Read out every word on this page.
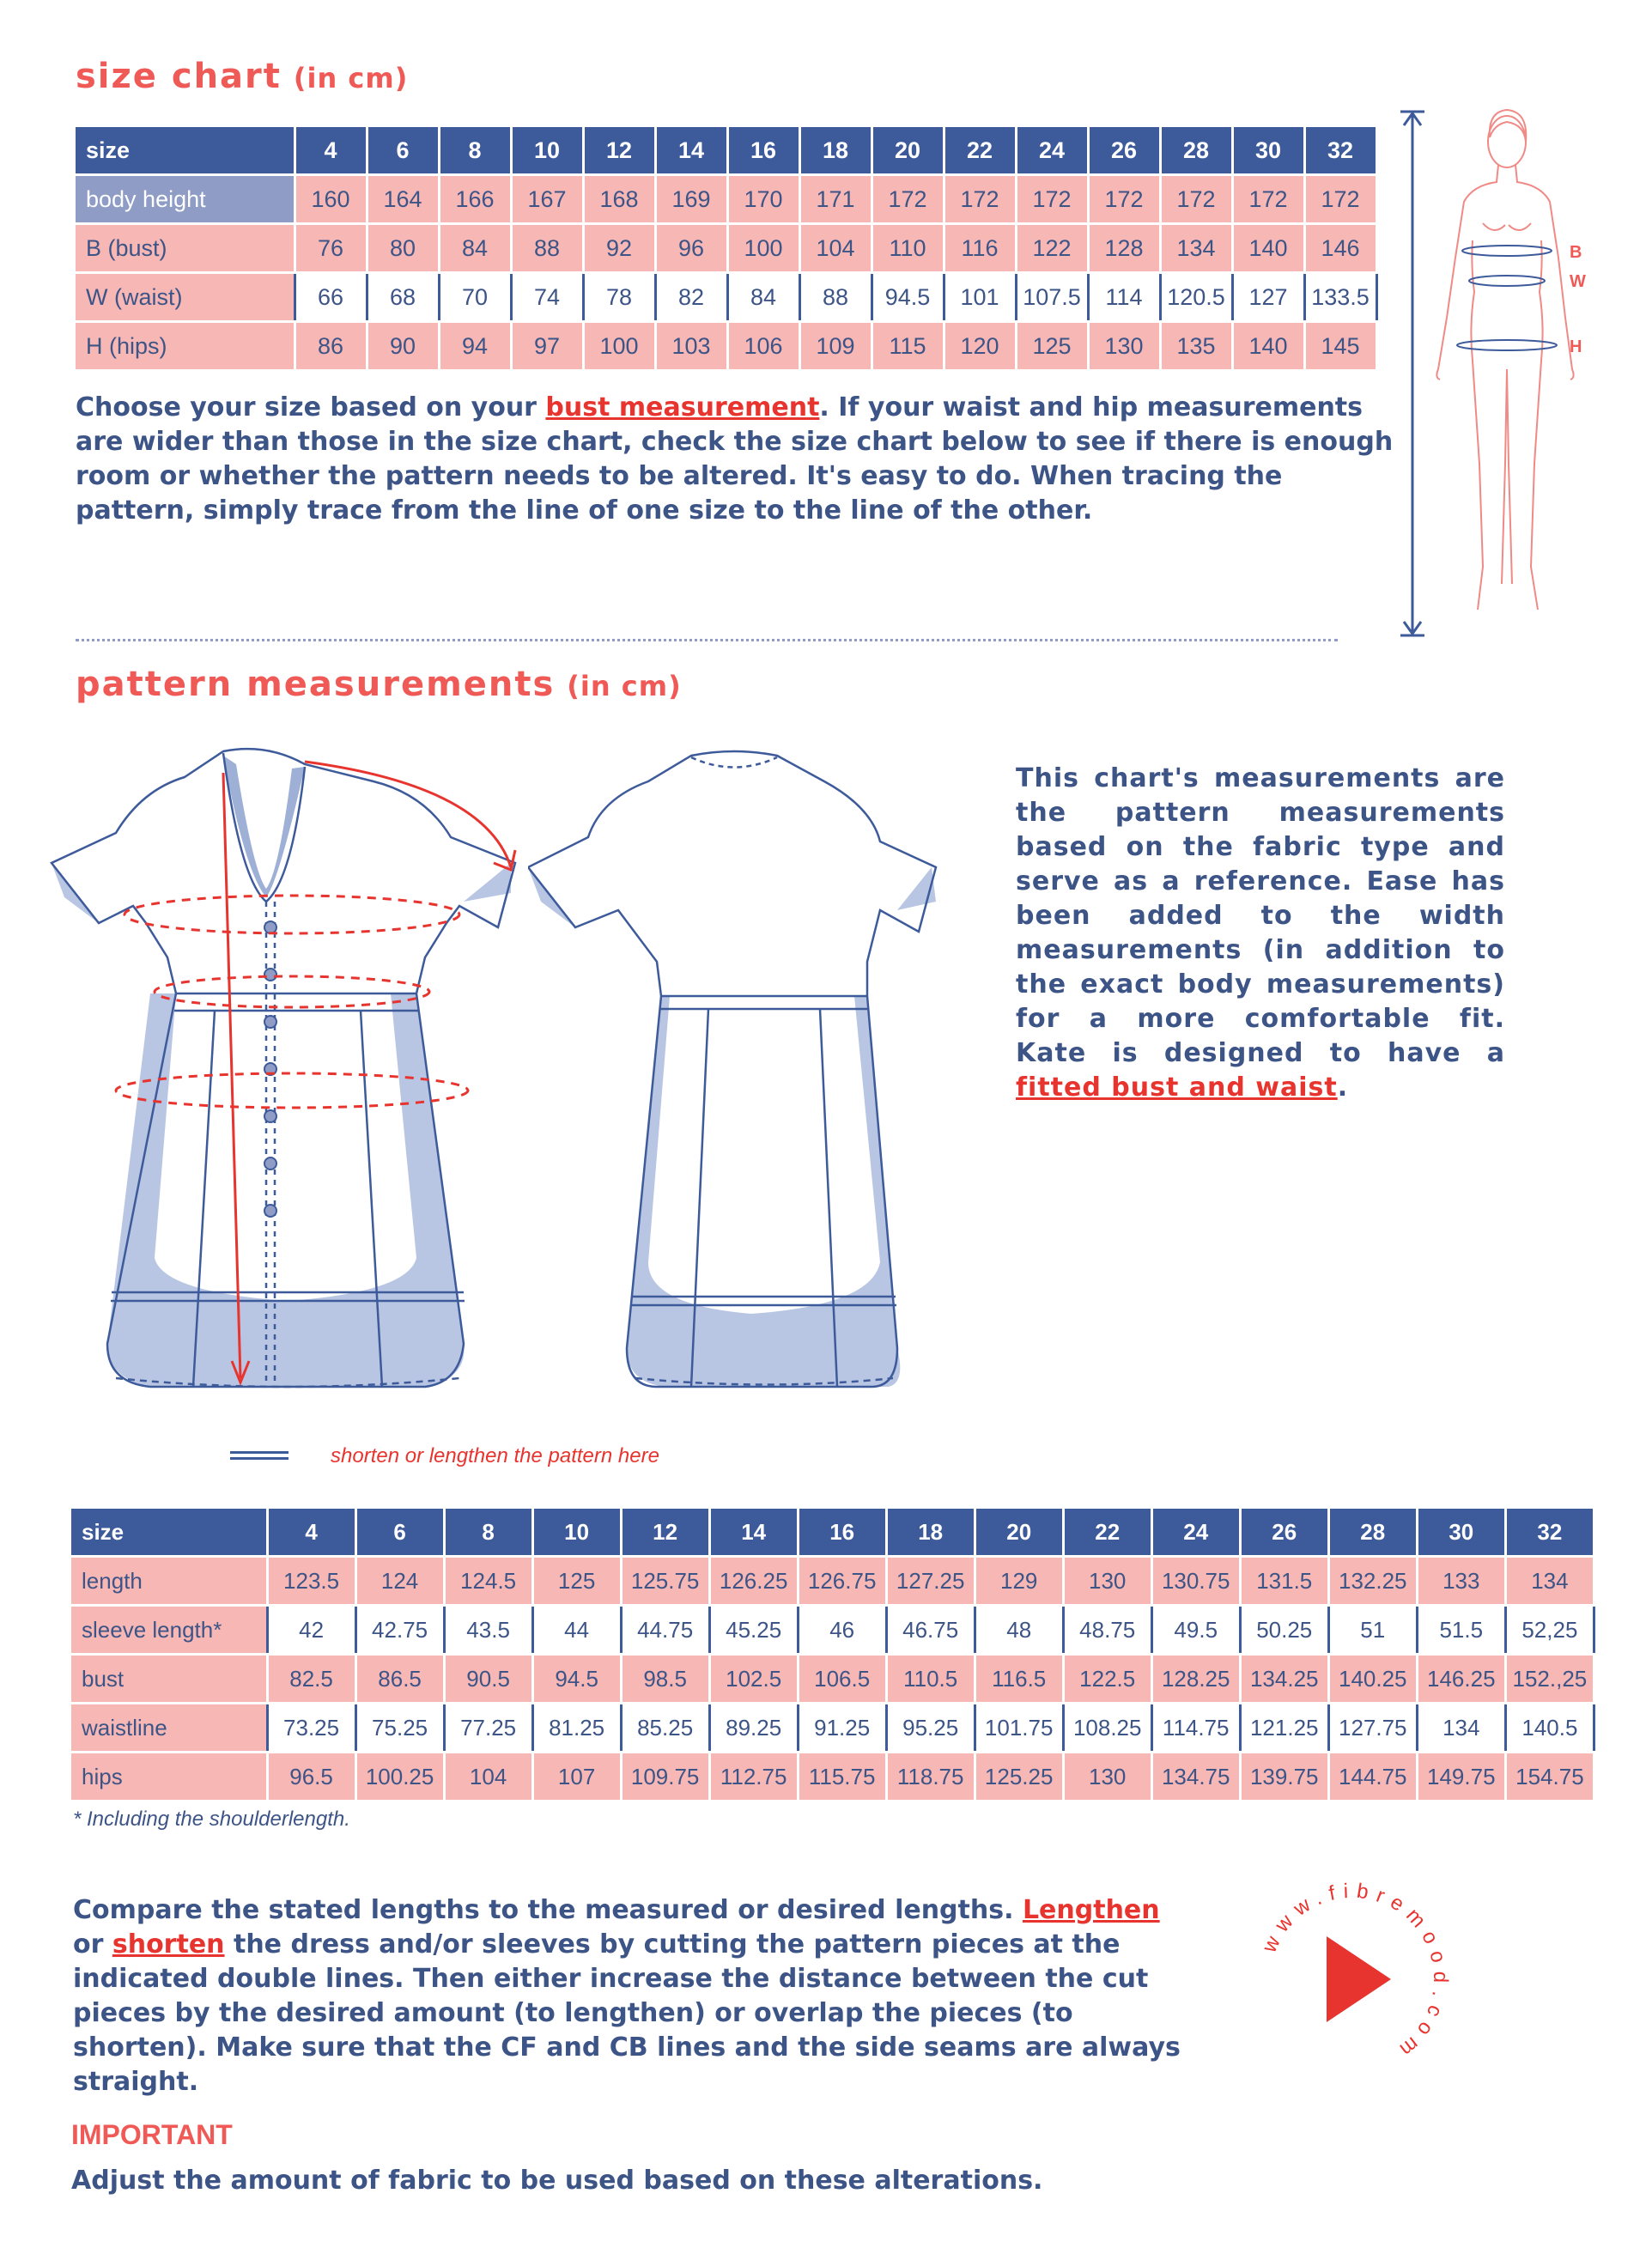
size chart (in cm)
size	4	6	8	10	12	14	16	18	20	22	24	26	28	30	32
body height	160	164	166	167	168	169	170	171	172	172	172	172	172	172	172
B (bust)	76	80	84	88	92	96	100	104	110	116	122	128	134	140	146
W (waist)	66	68	70	74	78	82	84	88	94.5	101	107.5	114	120.5	127	133.5
H (hips)	86	90	94	97	100	103	106	109	115	120	125	130	135	140	145
Choose your size based on your bust measurement. If your waist and hip measurements are wider than those in the size chart, check the size chart below to see if there is enough room or whether the pattern needs to be altered. It's easy to do. When tracing the pattern, simply trace from the line of one size to the line of the other.
B
W
H
pattern measurements (in cm)
This chart's measurements are the pattern measurements based on the fabric type and serve as a reference. Ease has been added to the width measurements (in addition to the exact body measurements) for a more comfortable fit. Kate is designed to have a fitted bust and waist.
shorten or lengthen the pattern here
size	4	6	8	10	12	14	16	18	20	22	24	26	28	30	32
length	123.5	124	124.5	125	125.75	126.25	126.75	127.25	129	130	130.75	131.5	132.25	133	134
sleeve length*	42	42.75	43.5	44	44.75	45.25	46	46.75	48	48.75	49.5	50.25	51	51.5	52,25
bust	82.5	86.5	90.5	94.5	98.5	102.5	106.5	110.5	116.5	122.5	128.25	134.25	140.25	146.25	152.,25
waistline	73.25	75.25	77.25	81.25	85.25	89.25	91.25	95.25	101.75	108.25	114.75	121.25	127.75	134	140.5
hips	96.5	100.25	104	107	109.75	112.75	115.75	118.75	125.25	130	134.75	139.75	144.75	149.75	154.75
* Including the shoulderlength.
Compare the stated lengths to the measured or desired lengths. Lengthen or shorten the dress and/or sleeves by cutting the pattern pieces at the indicated double lines. Then either increase the distance between the cut pieces by the desired amount (to lengthen) or overlap the pieces (to shorten). Make sure that the CF and CB lines and the side seams are always straight.
www.fibremood.com
IMPORTANT
Adjust the amount of fabric to be used based on these alterations.
